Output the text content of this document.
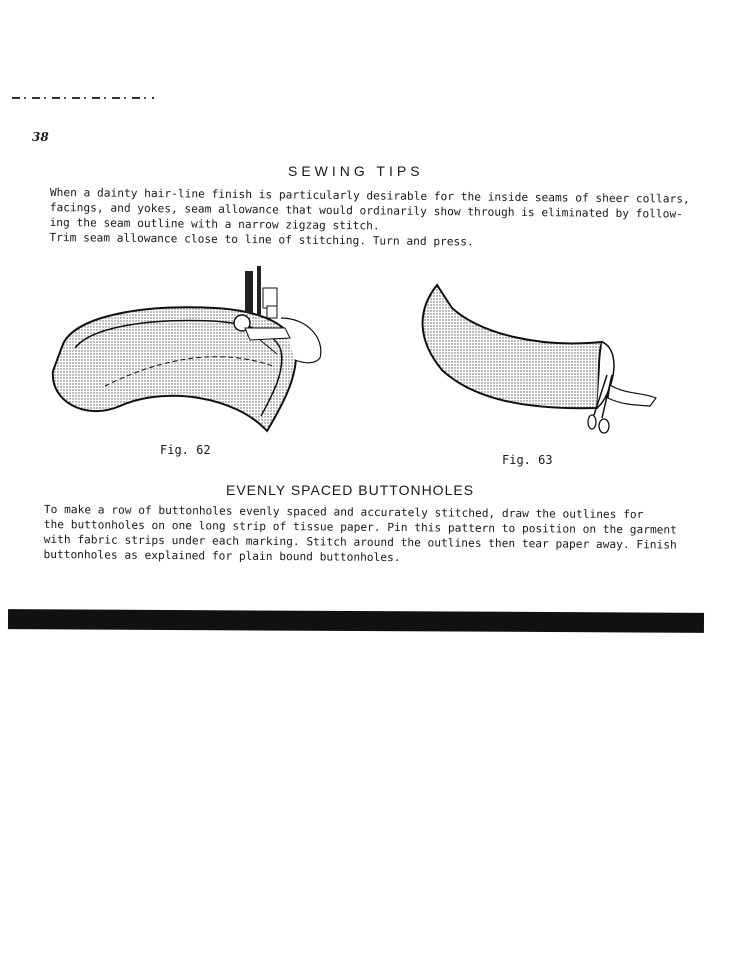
38
SEWING TIPS
When a dainty hair-line finish is particularly desirable for the inside seams of sheer collars,
facings, and yokes, seam allowance that would ordinarily show through is eliminated by follow-
ing the seam outline with a narrow zigzag stitch.
Trim seam allowance close to line of stitching. Turn and press.
Fig. 62
Fig. 63
EVENLY SPACED BUTTONHOLES
To make a row of buttonholes evenly spaced and accurately stitched, draw the outlines for
the buttonholes on one long strip of tissue paper. Pin this pattern to position on the garment
with fabric strips under each marking. Stitch around the outlines then tear paper away. Finish
buttonholes as explained for plain bound buttonholes.
